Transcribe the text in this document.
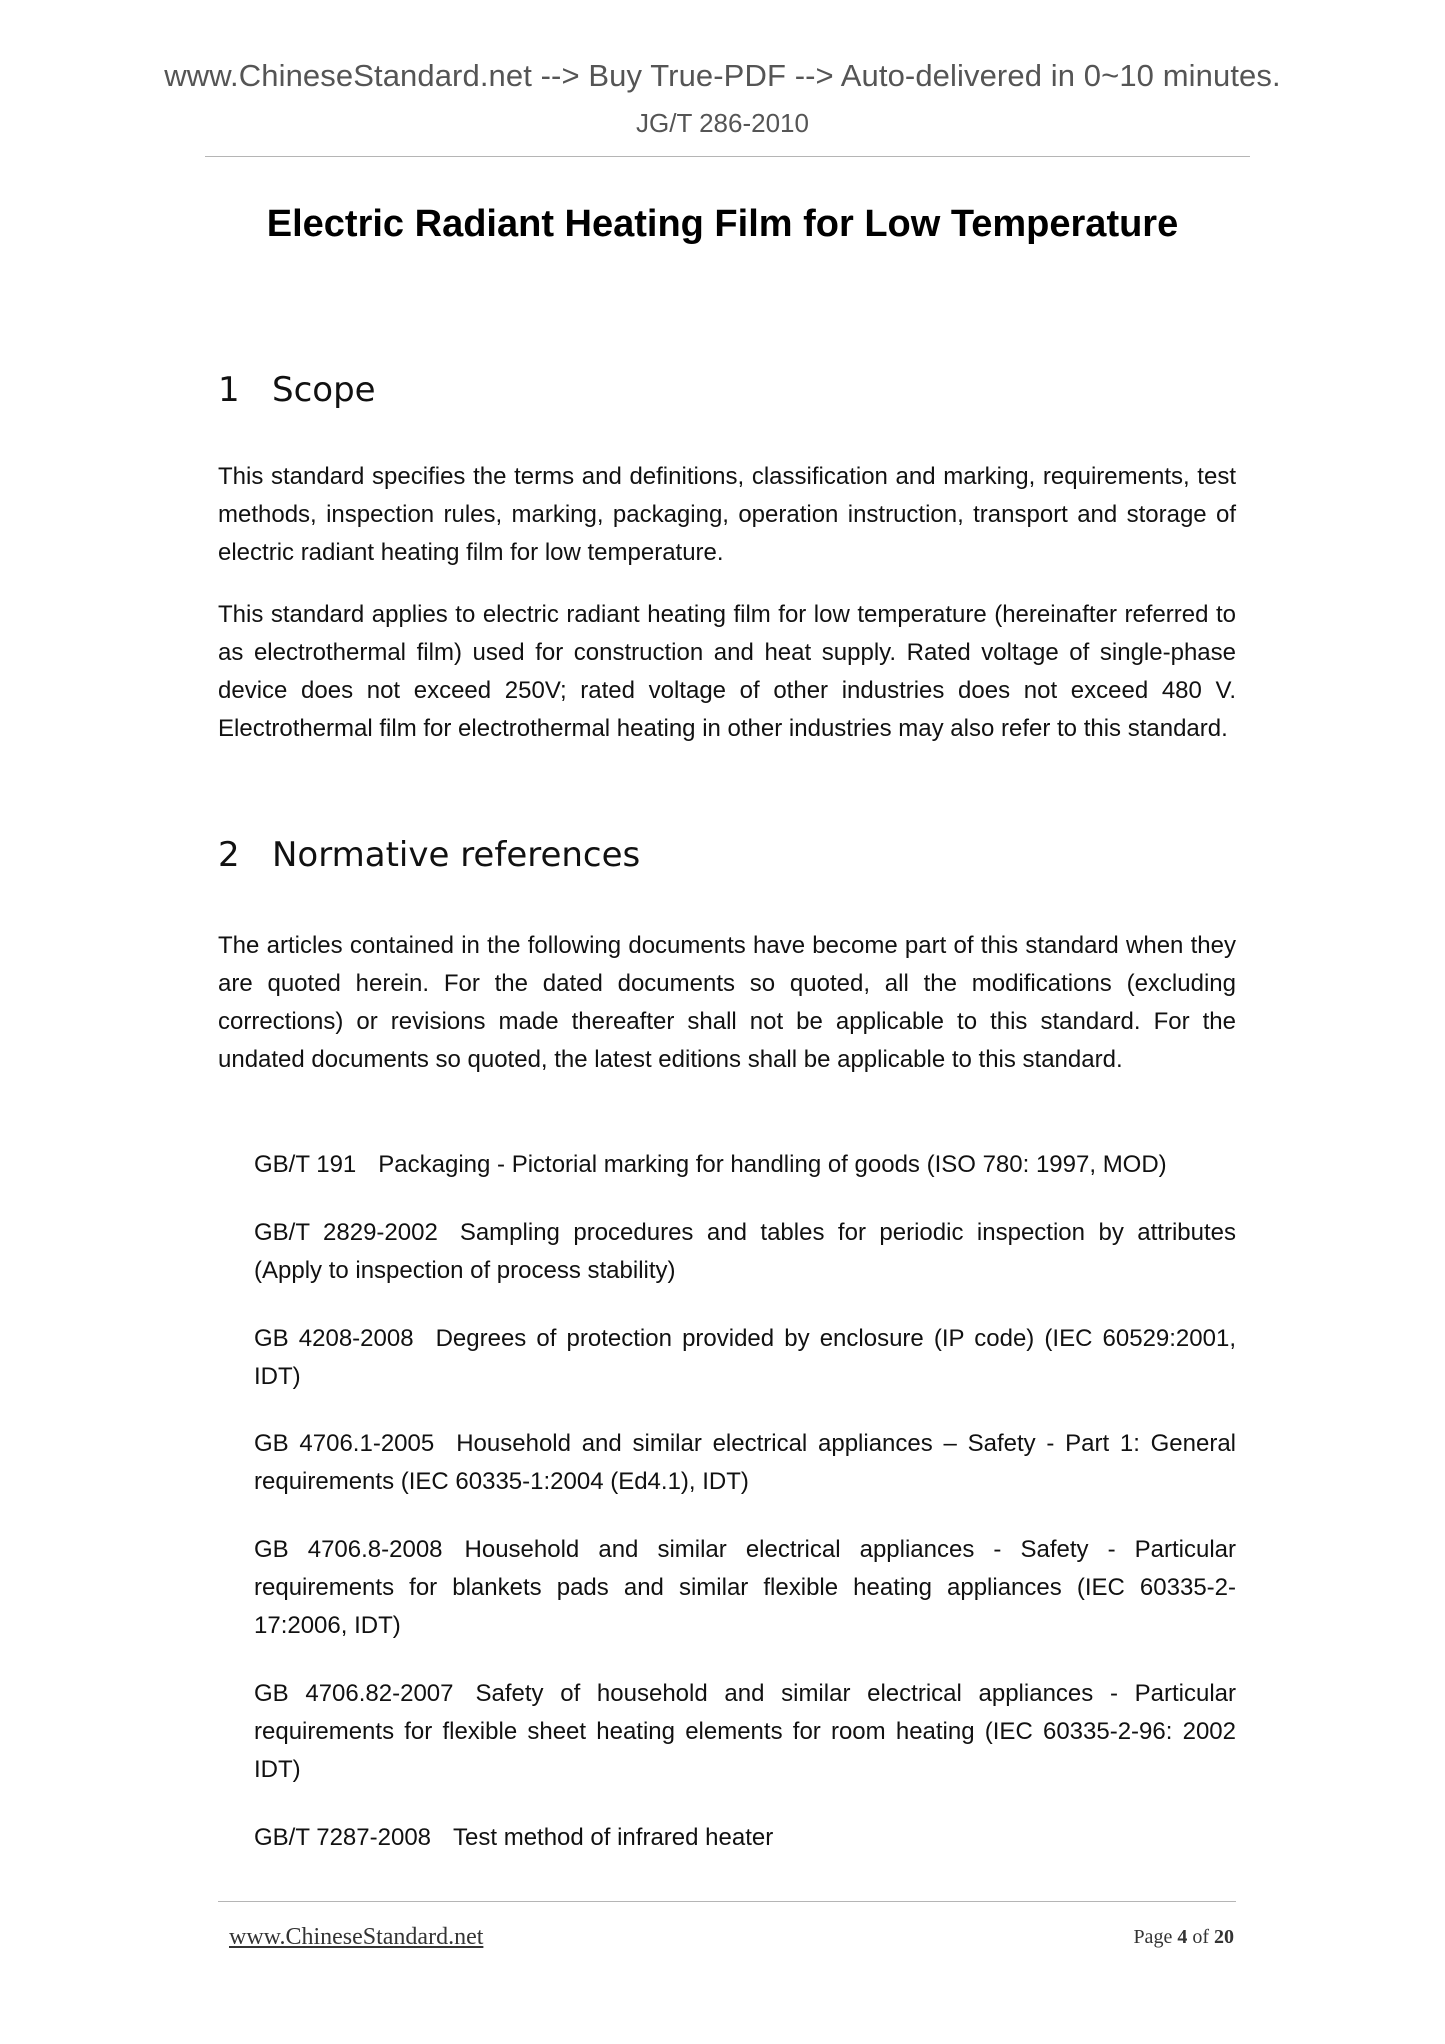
www.ChineseStandard.net --> Buy True-PDF --> Auto-delivered in 0~10 minutes.
JG/T 286-2010
Electric Radiant Heating Film for Low Temperature
1 Scope
This standard specifies the terms and definitions, classification and marking, requirements, test methods, inspection rules, marking, packaging, operation instruction, transport and storage of electric radiant heating film for low temperature.
This standard applies to electric radiant heating film for low temperature (hereinafter referred to as electrothermal film) used for construction and heat supply. Rated voltage of single-phase device does not exceed 250V; rated voltage of other industries does not exceed 480 V. Electrothermal film for electrothermal heating in other industries may also refer to this standard.
2 Normative references
The articles contained in the following documents have become part of this standard when they are quoted herein. For the dated documents so quoted, all the modifications (excluding corrections) or revisions made thereafter shall not be applicable to this standard. For the undated documents so quoted, the latest editions shall be applicable to this standard.
GB/T 191 Packaging - Pictorial marking for handling of goods (ISO 780: 1997, MOD)
GB/T 2829-2002 Sampling procedures and tables for periodic inspection by attributes (Apply to inspection of process stability)
GB 4208-2008 Degrees of protection provided by enclosure (IP code) (IEC 60529:2001, IDT)
GB 4706.1-2005 Household and similar electrical appliances – Safety - Part 1: General requirements (IEC 60335-1:2004 (Ed4.1), IDT)
GB 4706.8-2008 Household and similar electrical appliances - Safety - Particular requirements for blankets pads and similar flexible heating appliances (IEC 60335-2-17:2006, IDT)
GB 4706.82-2007 Safety of household and similar electrical appliances - Particular requirements for flexible sheet heating elements for room heating (IEC 60335-2-96: 2002 IDT)
GB/T 7287-2008 Test method of infrared heater
www.ChineseStandard.net	Page 4 of 20
